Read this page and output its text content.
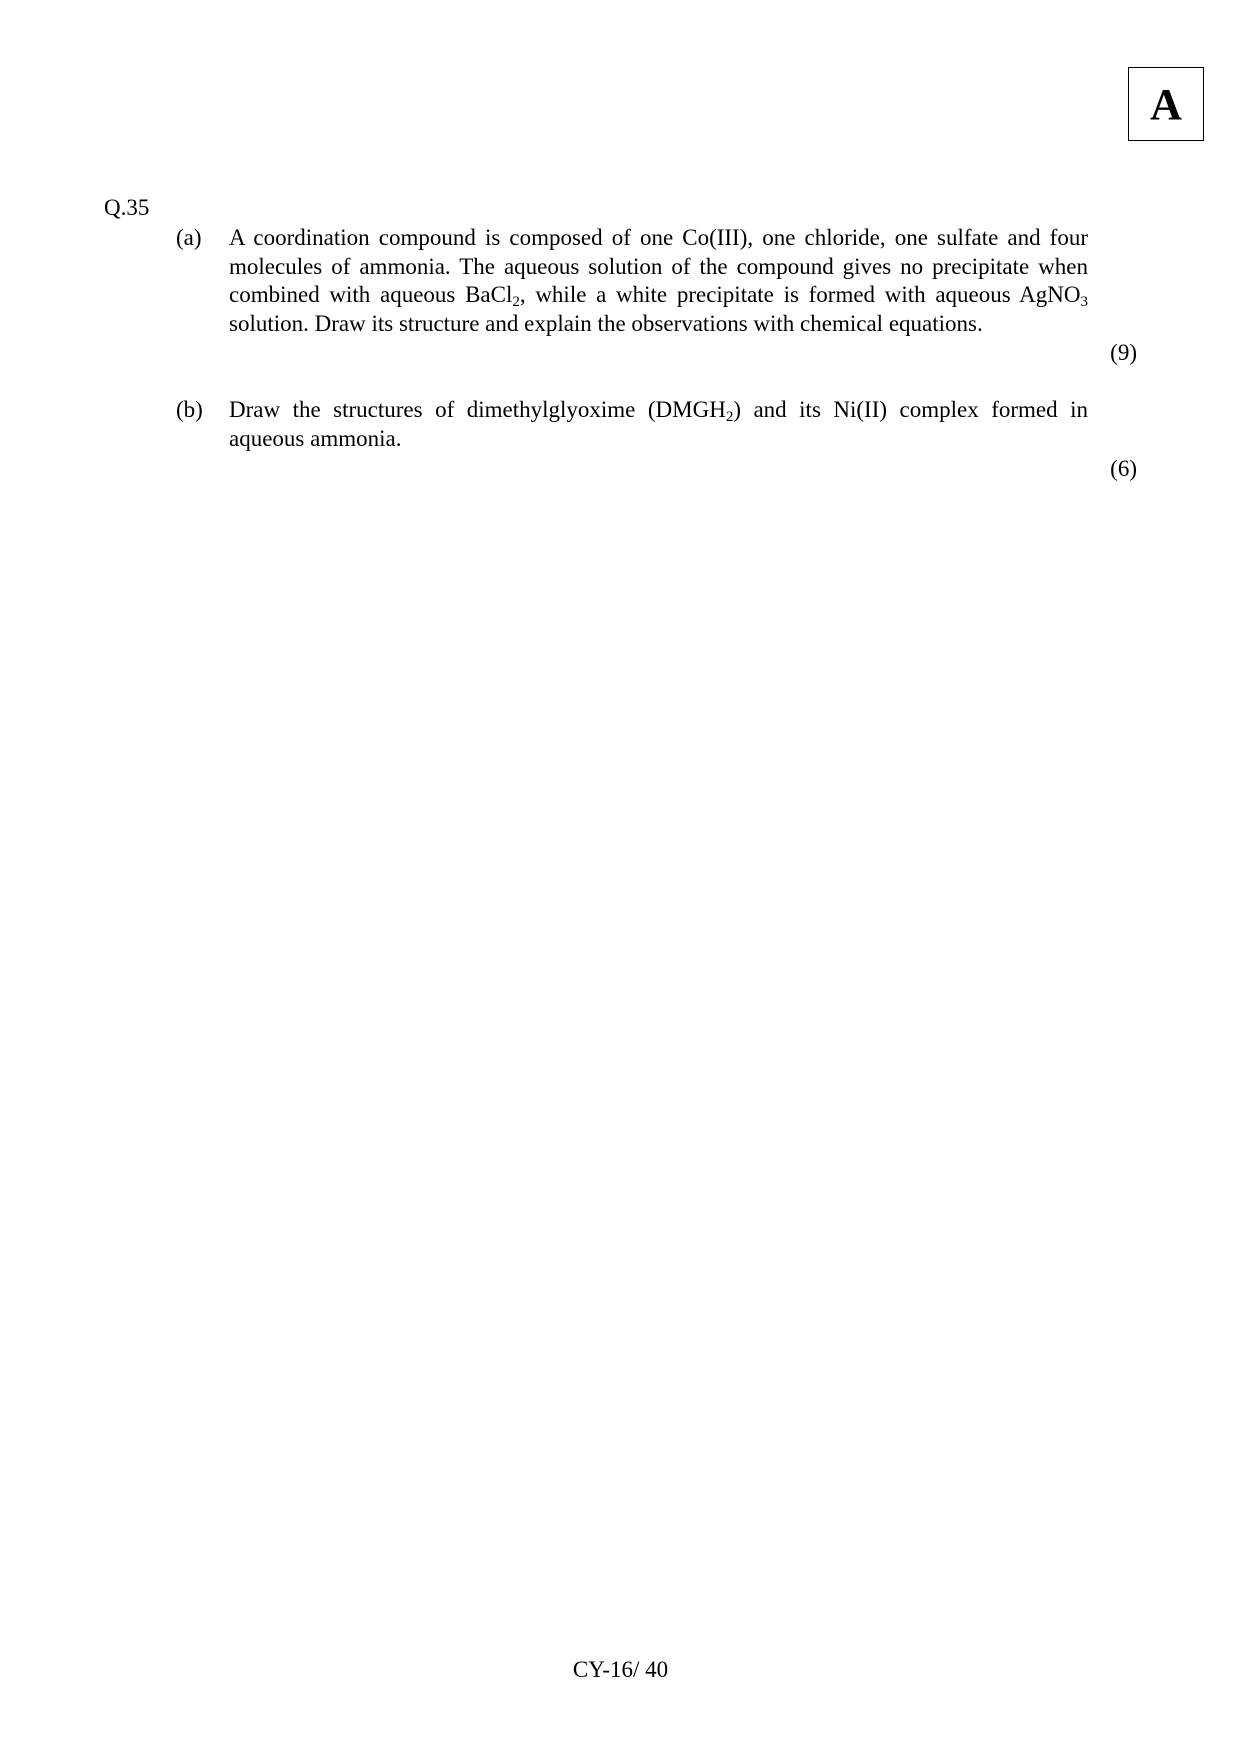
A
Q.35
(a) A coordination compound is composed of one Co(III), one chloride, one sulfate and four molecules of ammonia. The aqueous solution of the compound gives no precipitate when combined with aqueous BaCl$_2$, while a white precipitate is formed with aqueous AgNO$_3$ solution. Draw its structure and explain the observations with chemical equations.
(9)
(b) Draw the structures of dimethylglyoxime $(DMGH_2)$ and its Ni(II) complex formed in aqueous ammonia.
(6)
CY-16/ 40
